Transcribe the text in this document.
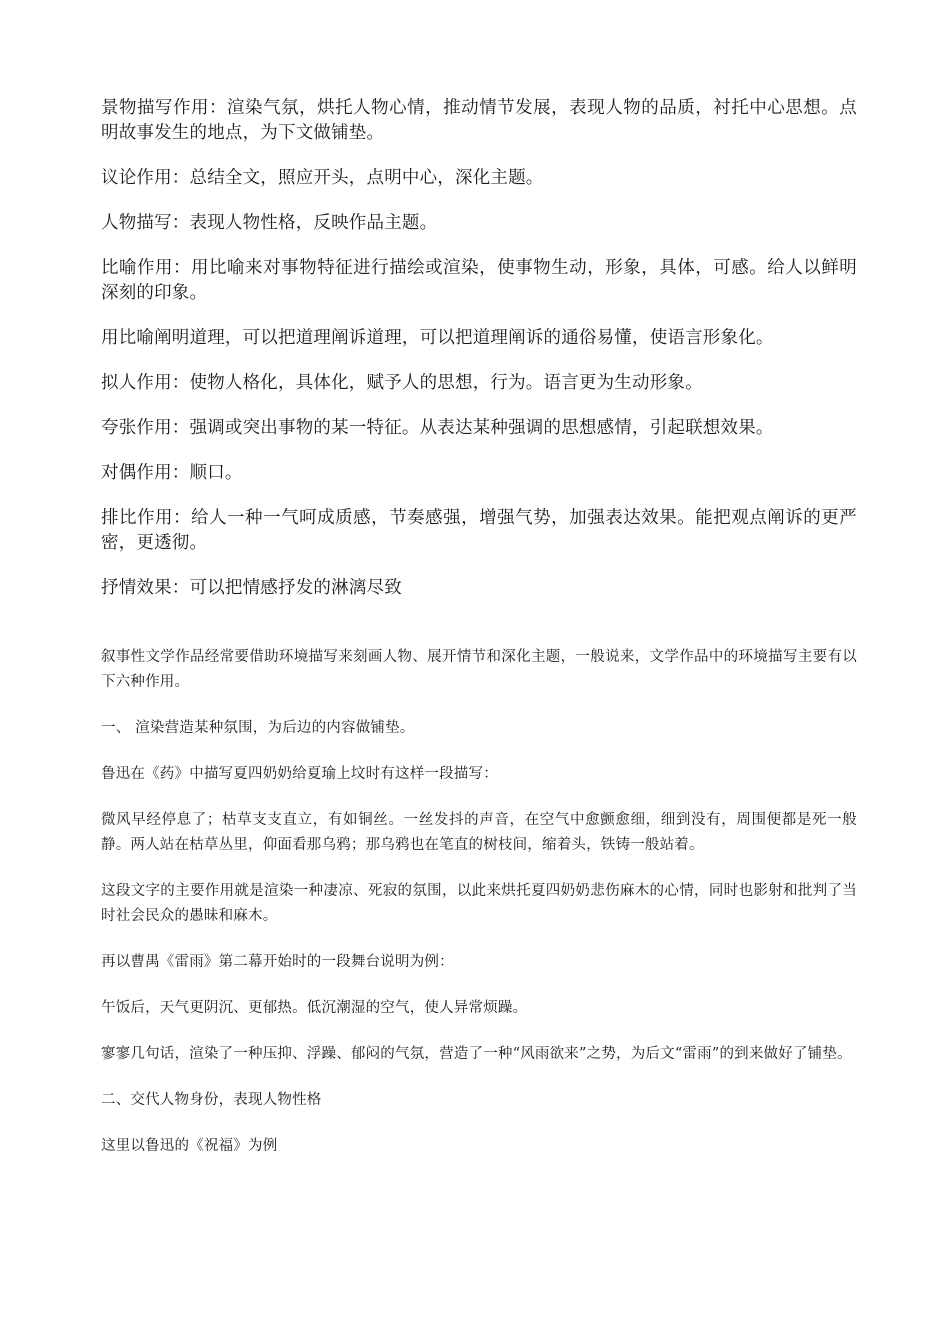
景物描写作用：渲染气氛，烘托人物心情，推动情节发展，表现人物的品质，衬托中心思想。点明故事发生的地点，为下文做铺垫。

议论作用：总结全文，照应开头，点明中心，深化主题。

人物描写：表现人物性格，反映作品主题。

比喻作用：用比喻来对事物特征进行描绘或渲染，使事物生动，形象，具体，可感。给人以鲜明深刻的印象。

用比喻阐明道理，可以把道理阐诉道理，可以把道理阐诉的通俗易懂，使语言形象化。

拟人作用：使物人格化，具体化，赋予人的思想，行为。语言更为生动形象。

夸张作用：强调或突出事物的某一特征。从表达某种强调的思想感情，引起联想效果。

对偶作用：顺口。

排比作用：给人一种一气呵成质感，节奏感强，增强气势，加强表达效果。能把观点阐诉的更严密，更透彻。

抒情效果：可以把情感抒发的淋漓尽致

叙事性文学作品经常要借助环境描写来刻画人物、展开情节和深化主题，一般说来，文学作品中的环境描写主要有以下六种作用。

一、 渲染营造某种氛围，为后边的内容做铺垫。

鲁迅在《药》中描写夏四奶奶给夏瑜上坟时有这样一段描写：

微风早经停息了；枯草支支直立，有如铜丝。一丝发抖的声音，在空气中愈颤愈细，细到没有，周围便都是死一般静。两人站在枯草丛里，仰面看那乌鸦；那乌鸦也在笔直的树枝间，缩着头，铁铸一般站着。

这段文字的主要作用就是渲染一种凄凉、死寂的氛围，以此来烘托夏四奶奶悲伤麻木的心情，同时也影射和批判了当时社会民众的愚昧和麻木。

再以曹禺《雷雨》第二幕开始时的一段舞台说明为例：

午饭后，天气更阴沉、更郁热。低沉潮湿的空气，使人异常烦躁。

寥寥几句话，渲染了一种压抑、浮躁、郁闷的气氛，营造了一种“风雨欲来”之势，为后文“雷雨”的到来做好了铺垫。

二、交代人物身份，表现人物性格

这里以鲁迅的《祝福》为例
